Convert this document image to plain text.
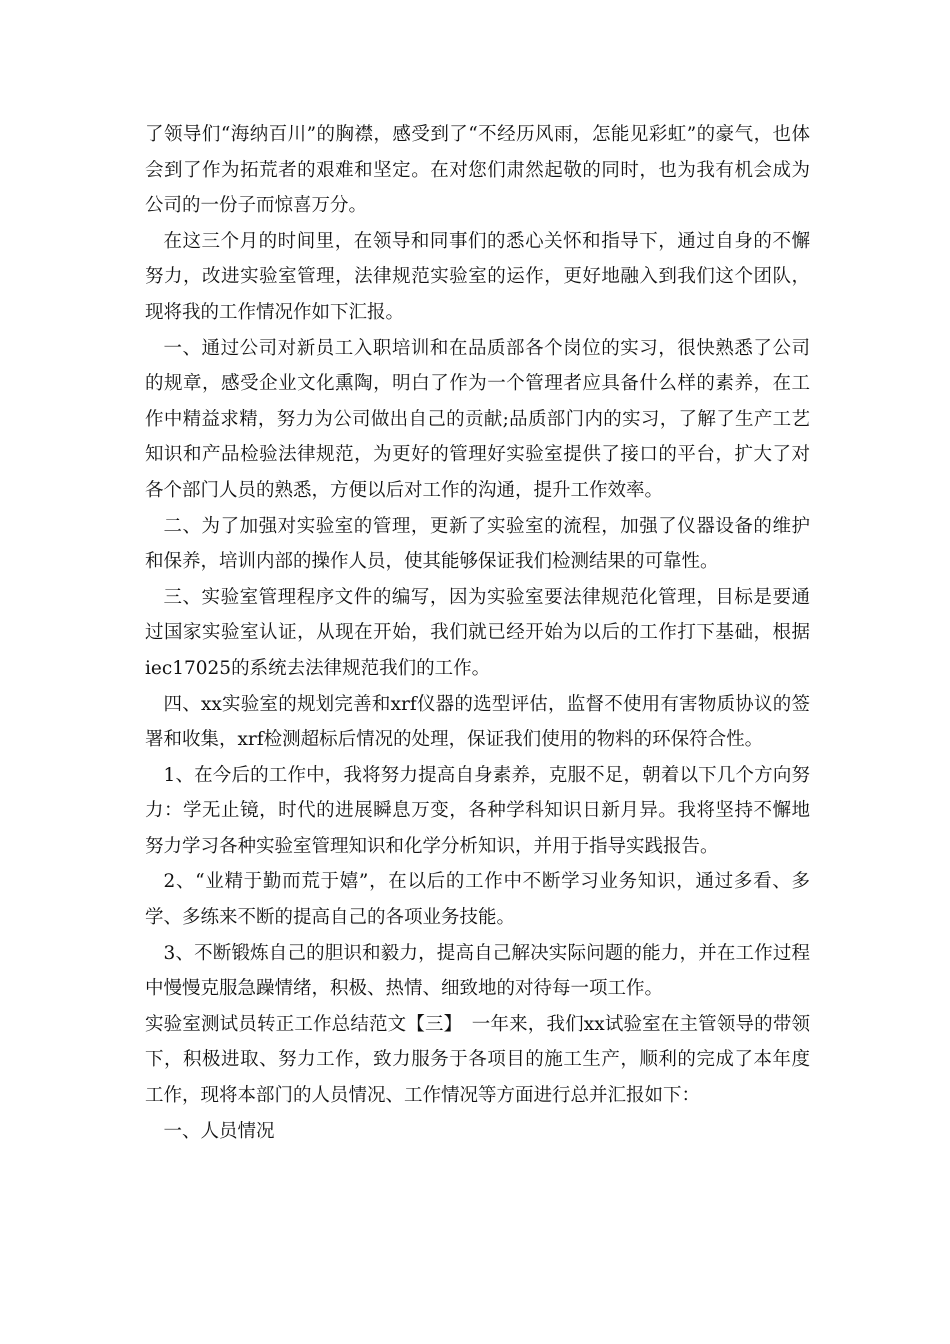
了领导们“海纳百川”的胸襟，感受到了“不经历风雨，怎能见彩虹”的豪气，也体会到了作为拓荒者的艰难和坚定。在对您们肃然起敬的同时，也为我有机会成为公司的一份子而惊喜万分。

在这三个月的时间里，在领导和同事们的悉心关怀和指导下，通过自身的不懈努力，改进实验室管理，法律规范实验室的运作，更好地融入到我们这个团队，现将我的工作情况作如下汇报。

一、通过公司对新员工入职培训和在品质部各个岗位的实习，很快熟悉了公司的规章，感受企业文化熏陶，明白了作为一个管理者应具备什么样的素养，在工作中精益求精，努力为公司做出自己的贡献;品质部门内的实习，了解了生产工艺知识和产品检验法律规范，为更好的管理好实验室提供了接口的平台，扩大了对各个部门人员的熟悉，方便以后对工作的沟通，提升工作效率。

二、为了加强对实验室的管理，更新了实验室的流程，加强了仪器设备的维护和保养，培训内部的操作人员，使其能够保证我们检测结果的可靠性。

三、实验室管理程序文件的编写，因为实验室要法律规范化管理，目标是要通过国家实验室认证，从现在开始，我们就已经开始为以后的工作打下基础，根据iec17025的系统去法律规范我们的工作。

四、xx实验室的规划完善和xrf仪器的选型评估，监督不使用有害物质协议的签署和收集，xrf检测超标后情况的处理，保证我们使用的物料的环保符合性。

1、在今后的工作中，我将努力提高自身素养，克服不足，朝着以下几个方向努力：学无止镜，时代的进展瞬息万变，各种学科知识日新月异。我将坚持不懈地努力学习各种实验室管理知识和化学分析知识，并用于指导实践报告。

2、“业精于勤而荒于嬉”，在以后的工作中不断学习业务知识，通过多看、多学、多练来不断的提高自己的各项业务技能。

3、不断锻炼自己的胆识和毅力，提高自己解决实际问题的能力，并在工作过程中慢慢克服急躁情绪，积极、热情、细致地的对待每一项工作。

实验室测试员转正工作总结范文【三】　一年来，我们xx试验室在主管领导的带领下，积极进取、努力工作，致力服务于各项目的施工生产，顺利的完成了本年度工作，现将本部门的人员情况、工作情况等方面进行总并汇报如下：

一、人员情况
